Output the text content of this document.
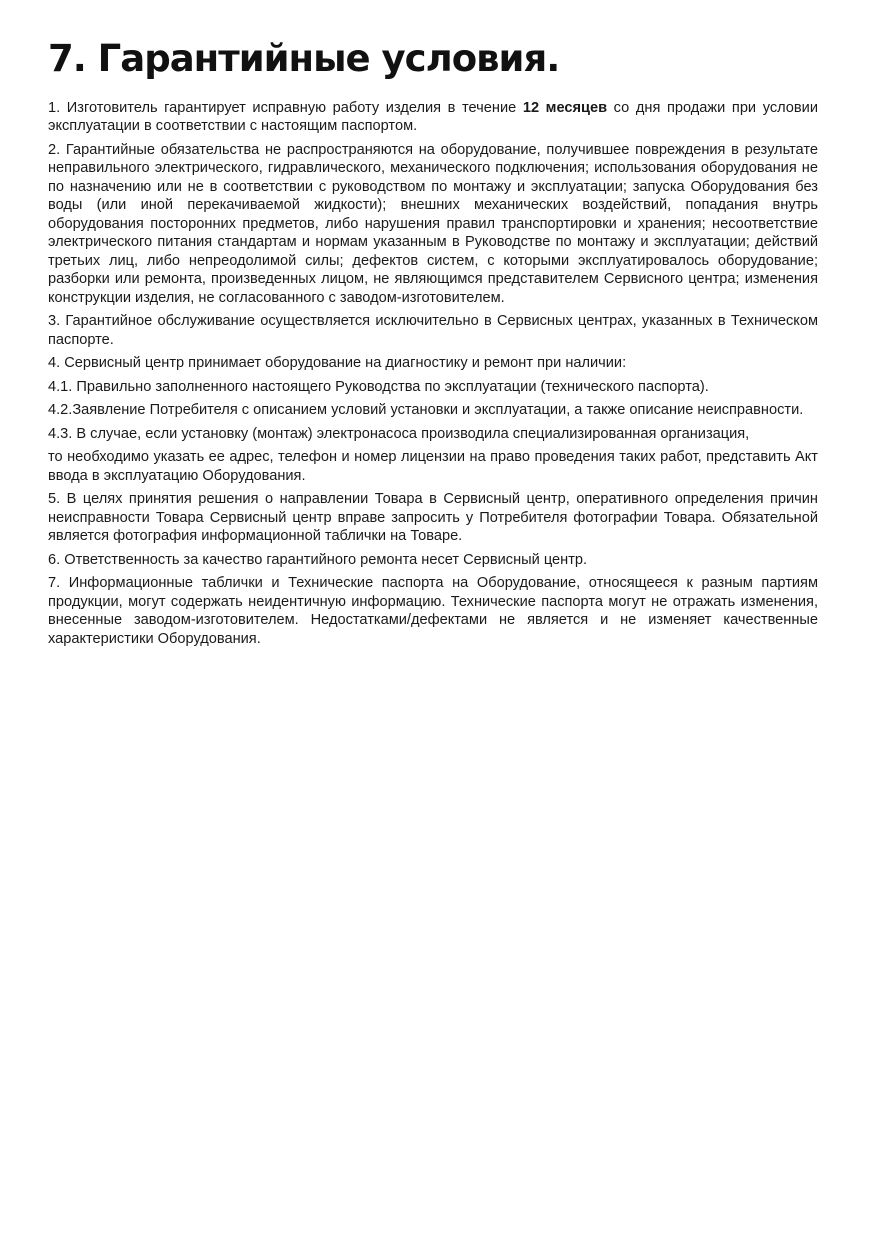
7. Гарантийные условия.

1. Изготовитель гарантирует исправную работу изделия в течение 12 месяцев со дня продажи при условии эксплуатации в соответствии с настоящим паспортом.

2. Гарантийные обязательства не распространяются на оборудование, получившее повреждения в результате неправильного электрического, гидравлического, механического подключения; использования оборудования не по назначению или не в соответствии с руководством по монтажу и эксплуатации; запуска Оборудования без воды (или иной перекачиваемой жидкости); внешних механических воздействий, попадания внутрь оборудования посторонних предметов, либо нарушения правил транспортировки и хранения; несоответствие электрического питания стандартам и нормам указанным в Руководстве по монтажу и эксплуатации; действий третьих лиц, либо непреодолимой силы; дефектов систем, с которыми эксплуатировалось оборудование; разборки или ремонта, произведенных лицом, не являющимся представителем Сервисного центра; изменения конструкции изделия, не согласованного с заводом-изготовителем.

3. Гарантийное обслуживание осуществляется исключительно в Сервисных центрах, указанных в Техническом паспорте.

4. Сервисный центр принимает оборудование на диагностику и ремонт при наличии:

4.1. Правильно заполненного настоящего Руководства по эксплуатации (технического паспорта).

4.2.Заявление Потребителя с описанием условий установки и эксплуатации, а также описание неисправности.

4.3. В случае, если установку (монтаж) электронасоса производила специализированная организация,

то необходимо указать ее адрес, телефон и номер лицензии на право проведения таких работ, представить Акт ввода в эксплуатацию Оборудования.

5. В целях принятия решения о направлении Товара в Сервисный центр, оперативного определения причин неисправности Товара Сервисный центр вправе запросить у Потребителя фотографии Товара. Обязательной является фотография информационной таблички на Товаре.

6. Ответственность за качество гарантийного ремонта несет Сервисный центр.

7. Информационные таблички и Технические паспорта на Оборудование, относящееся к разным партиям продукции, могут содержать неидентичную информацию. Технические паспорта могут не отражать изменения, внесенные заводом-изготовителем. Недостатками/дефектами не является и не изменяет качественные характеристики Оборудования.
